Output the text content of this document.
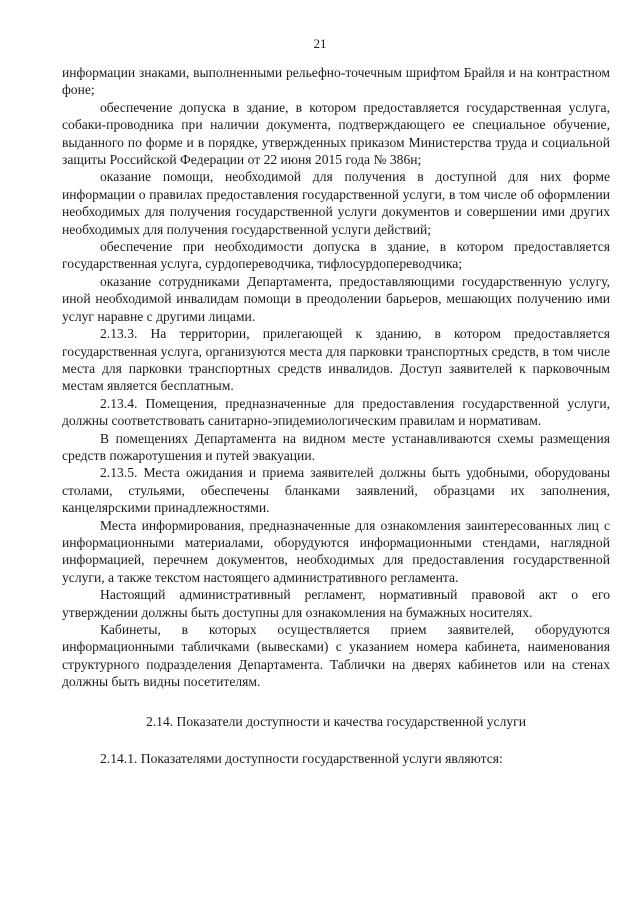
21

информации знаками, выполненными рельефно-точечным шрифтом Брайля и на контрастном фоне;

обеспечение допуска в здание, в котором предоставляется государственная услуга, собаки-проводника при наличии документа, подтверждающего ее специальное обучение, выданного по форме и в порядке, утвержденных приказом Министерства труда и социальной защиты Российской Федерации от 22 июня 2015 года № 386н;

оказание помощи, необходимой для получения в доступной для них форме информации о правилах предоставления государственной услуги, в том числе об оформлении необходимых для получения государственной услуги документов и совершении ими других необходимых для получения государственной услуги действий;

обеспечение при необходимости допуска в здание, в котором предоставляется государственная услуга, сурдопереводчика, тифлосурдопереводчика;

оказание сотрудниками Департамента, предоставляющими государственную услугу, иной необходимой инвалидам помощи в преодолении барьеров, мешающих получению ими услуг наравне с другими лицами.

2.13.3. На территории, прилегающей к зданию, в котором предоставляется государственная услуга, организуются места для парковки транспортных средств, в том числе места для парковки транспортных средств инвалидов. Доступ заявителей к парковочным местам является бесплатным.

2.13.4. Помещения, предназначенные для предоставления государственной услуги, должны соответствовать санитарно-эпидемиологическим правилам и нормативам.

В помещениях Департамента на видном месте устанавливаются схемы размещения средств пожаротушения и путей эвакуации.

2.13.5. Места ожидания и приема заявителей должны быть удобными, оборудованы столами, стульями, обеспечены бланками заявлений, образцами их заполнения, канцелярскими принадлежностями.

Места информирования, предназначенные для ознакомления заинтересованных лиц с информационными материалами, оборудуются информационными стендами, наглядной информацией, перечнем документов, необходимых для предоставления государственной услуги, а также текстом настоящего административного регламента.

Настоящий административный регламент, нормативный правовой акт о его утверждении должны быть доступны для ознакомления на бумажных носителях.

Кабинеты, в которых осуществляется прием заявителей, оборудуются информационными табличками (вывесками) с указанием номера кабинета, наименования структурного подразделения Департамента. Таблички на дверях кабинетов или на стенах должны быть видны посетителям.

2.14. Показатели доступности и качества государственной услуги

2.14.1. Показателями доступности государственной услуги являются:
